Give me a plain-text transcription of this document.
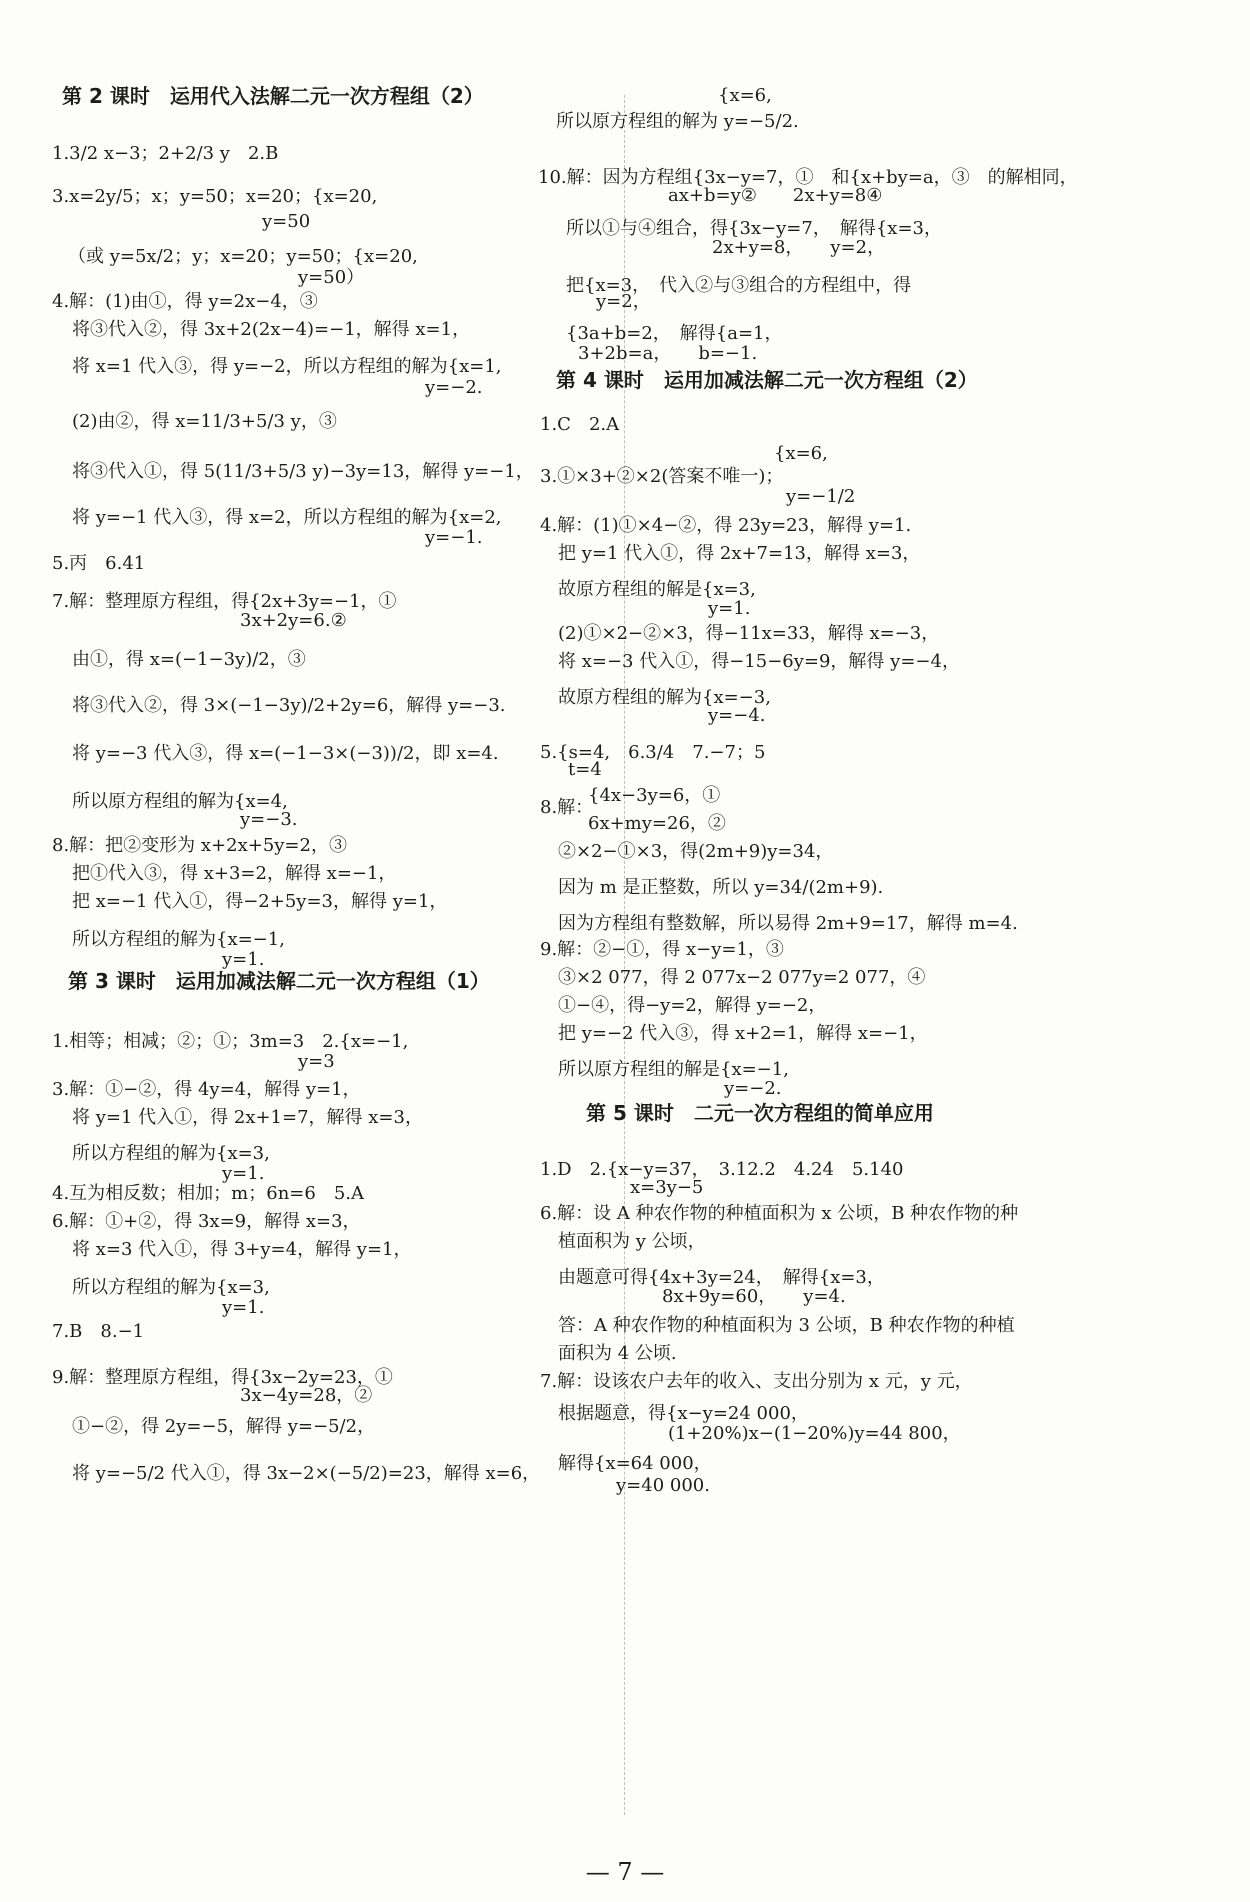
第 2 课时　运用代入法解二元一次方程组（2）
1.3/2 x−3；2+2/3 y　2.B
3.x=2y/5；x；y=50；x=20；{x=20,
y=50
（或 y=5x/2；y；x=20；y=50；{x=20,
y=50）
4.解：(1)由①，得 y=2x−4，③
将③代入②，得 3x+2(2x−4)=−1，解得 x=1，
将 x=1 代入③，得 y=−2，所以方程组的解为{x=1,
y=−2.
(2)由②，得 x=11/3+5/3 y，③
将③代入①，得 5(11/3+5/3 y)−3y=13，解得 y=−1，
将 y=−1 代入③，得 x=2，所以方程组的解为{x=2,
y=−1.
5.丙　6.41
7.解：整理原方程组，得{2x+3y=−1，①
3x+2y=6.②
由①，得 x=(−1−3y)/2，③
将③代入②，得 3×(−1−3y)/2+2y=6，解得 y=−3.
将 y=−3 代入③，得 x=(−1−3×(−3))/2，即 x=4.
所以原方程组的解为{x=4,
y=−3.
8.解：把②变形为 x+2x+5y=2，③
把①代入③，得 x+3=2，解得 x=−1，
把 x=−1 代入①，得−2+5y=3，解得 y=1，
所以方程组的解为{x=−1,
y=1.
第 3 课时　运用加减法解二元一次方程组（1）
1.相等；相减；②；①；3m=3　2.{x=−1,
y=3
3.解：①−②，得 4y=4，解得 y=1，
将 y=1 代入①，得 2x+1=7，解得 x=3，
所以方程组的解为{x=3,
y=1.
4.互为相反数；相加；m；6n=6　5.A
6.解：①+②，得 3x=9，解得 x=3，
将 x=3 代入①，得 3+y=4，解得 y=1，
所以方程组的解为{x=3,
y=1.
7.B　8.−1
9.解：整理原方程组，得{3x−2y=23，①
3x−4y=28，②
①−②，得 2y=−5，解得 y=−5/2，
将 y=−5/2 代入①，得 3x−2×(−5/2)=23，解得 x=6，
{x=6,
所以原方程组的解为 y=−5/2.
10.解：因为方程组{3x−y=7，①　和{x+by=a，③　的解相同，
ax+b=y②　　2x+y=8④
所以①与④组合，得{3x−y=7，　解得{x=3，
2x+y=8，　　y=2，
把{x=3，　代入②与③组合的方程组中，得
y=2，
{3a+b=2，　解得{a=1，
3+2b=a，　　b=−1.
第 4 课时　运用加减法解二元一次方程组（2）
1.C　2.A
{x=6,
3.①×3+②×2(答案不唯一)；
y=−1/2
4.解：(1)①×4−②，得 23y=23，解得 y=1.
把 y=1 代入①，得 2x+7=13，解得 x=3，
故原方程组的解是{x=3,
y=1.
(2)①×2−②×3，得−11x=33，解得 x=−3，
将 x=−3 代入①，得−15−6y=9，解得 y=−4，
故原方程组的解为{x=−3,
y=−4.
5.{s=4,　6.3/4　7.−7；5
t=4
8.解：
{4x−3y=6，①
6x+my=26，②
②×2−①×3，得(2m+9)y=34，
因为 m 是正整数，所以 y=34/(2m+9).
因为方程组有整数解，所以易得 2m+9=17，解得 m=4.
9.解：②−①，得 x−y=1，③
③×2 077，得 2 077x−2 077y=2 077，④
①−④，得−y=2，解得 y=−2，
把 y=−2 代入③，得 x+2=1，解得 x=−1，
所以原方程组的解是{x=−1,
y=−2.
第 5 课时　二元一次方程组的简单应用
1.D　2.{x−y=37，　3.12.2　4.24　5.140
x=3y−5
6.解：设 A 种农作物的种植面积为 x 公顷，B 种农作物的种
植面积为 y 公顷，
由题意可得{4x+3y=24，　解得{x=3，
8x+9y=60，　　y=4.
答：A 种农作物的种植面积为 3 公顷，B 种农作物的种植
面积为 4 公顷.
7.解：设该农户去年的收入、支出分别为 x 元，y 元，
根据题意，得{x−y=24 000，
(1+20%)x−(1−20%)y=44 800，
解得{x=64 000，
y=40 000.
— 7 —
